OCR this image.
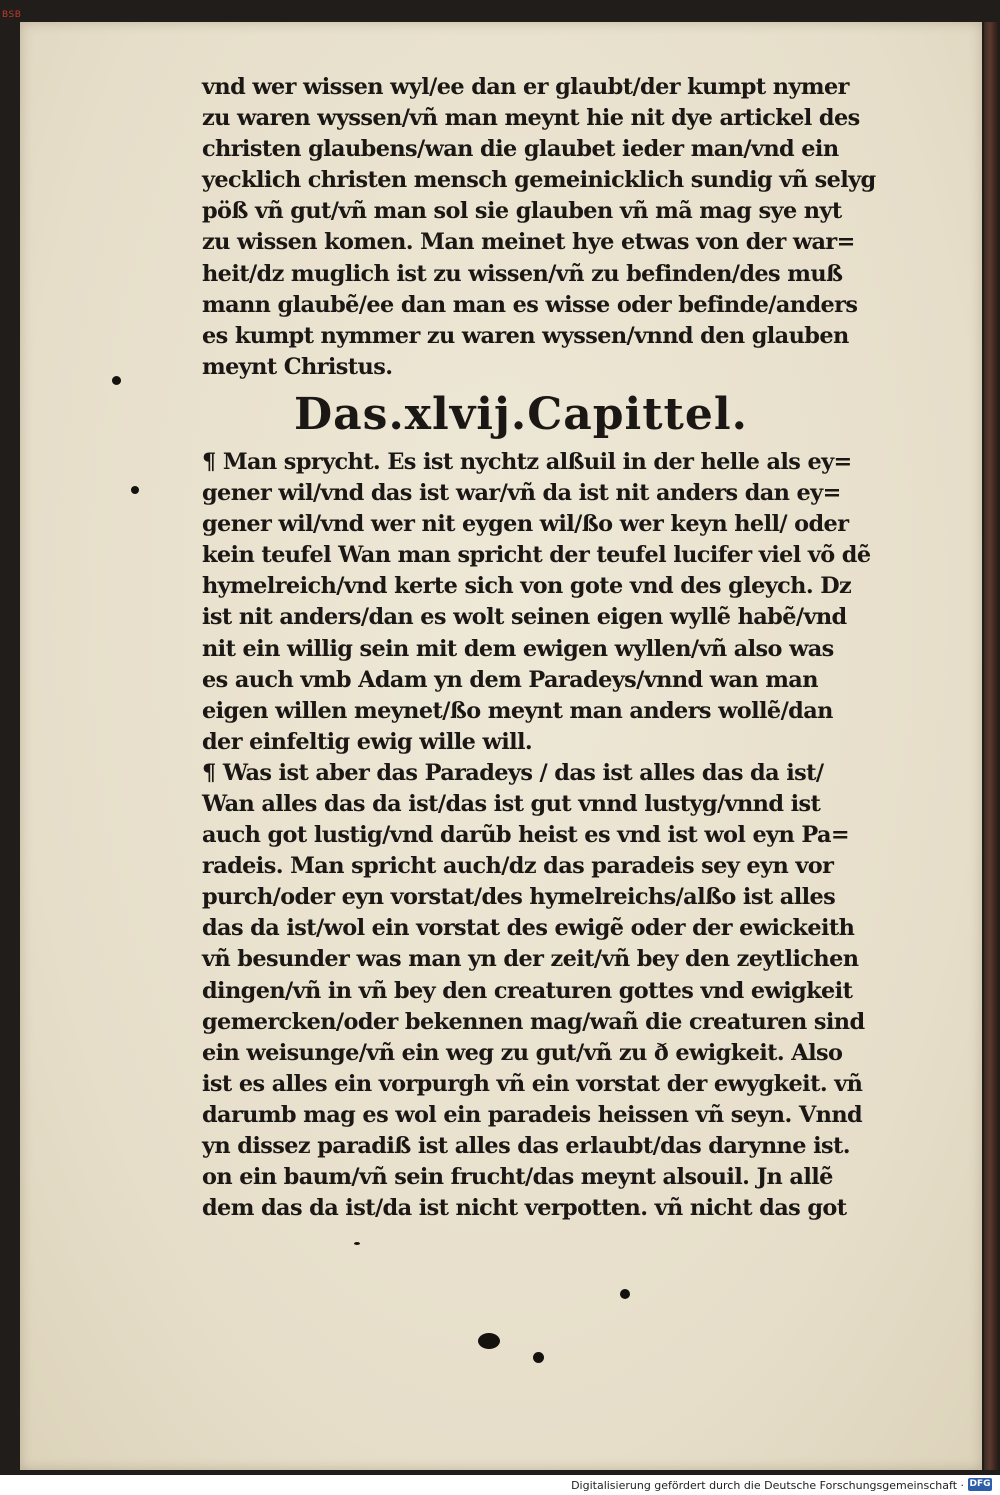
BSB
vnd wer wissen wyl/ee dan er glaubt/der kumpt nymer
zu waren wyssen/vñ man meynt hie nit dye artickel des
christen glaubens/wan die glaubet ieder man/vnd ein
yecklich christen mensch gemeinicklich sundig vñ selyg
pöß vñ gut/vñ man sol sie glauben vñ mã mag sye nyt
zu wissen komen. Man meinet hye etwas von der war=
heit/dz muglich ist zu wissen/vñ zu befinden/des muß
mann glaubẽ/ee dan man es wisse oder befinde/anders
es kumpt nymmer zu waren wyssen/vnnd den glauben
meynt Christus.
Das.xlvij.Capittel.
¶ Man sprycht. Es ist nychtz alßuil in der helle als ey=
gener wil/vnd das ist war/vñ da ist nit anders dan ey=
gener wil/vnd wer nit eygen wil/ßo wer keyn hell/ oder
kein teufel Wan man spricht der teufel lucifer viel võ dẽ
hymelreich/vnd kerte sich von gote vnd des gleych. Dz
ist nit anders/dan es wolt seinen eigen wyllẽ habẽ/vnd
nit ein willig sein mit dem ewigen wyllen/vñ also was
es auch vmb Adam yn dem Paradeys/vnnd wan man
eigen willen meynet/ßo meynt man anders wollẽ/dan
der einfeltig ewig wille will.
¶ Was ist aber das Paradeys / das ist alles das da ist/
Wan alles das da ist/das ist gut vnnd lustyg/vnnd ist
auch got lustig/vnd darũb heist es vnd ist wol eyn Pa=
radeis. Man spricht auch/dz das paradeis sey eyn vor
purch/oder eyn vorstat/des hymelreichs/alßo ist alles
das da ist/wol ein vorstat des ewigẽ oder der ewickeith
vñ besunder was man yn der zeit/vñ bey den zeytlichen
dingen/vñ in vñ bey den creaturen gottes vnd ewigkeit
gemercken/oder bekennen mag/wañ die creaturen sind
ein weisunge/vñ ein weg zu gut/vñ zu ð ewigkeit. Also
ist es alles ein vorpurgh vñ ein vorstat der ewygkeit. vñ
darumb mag es wol ein paradeis heissen vñ seyn. Vnnd
yn dissez paradiß ist alles das erlaubt/das darynne ist.
on ein baum/vñ sein frucht/das meynt alsouil. Jn allẽ
dem das da ist/da ist nicht verpotten. vñ nicht das got
Digitalisierung gefördert durch die Deutsche Forschungsgemeinschaft · DFG
